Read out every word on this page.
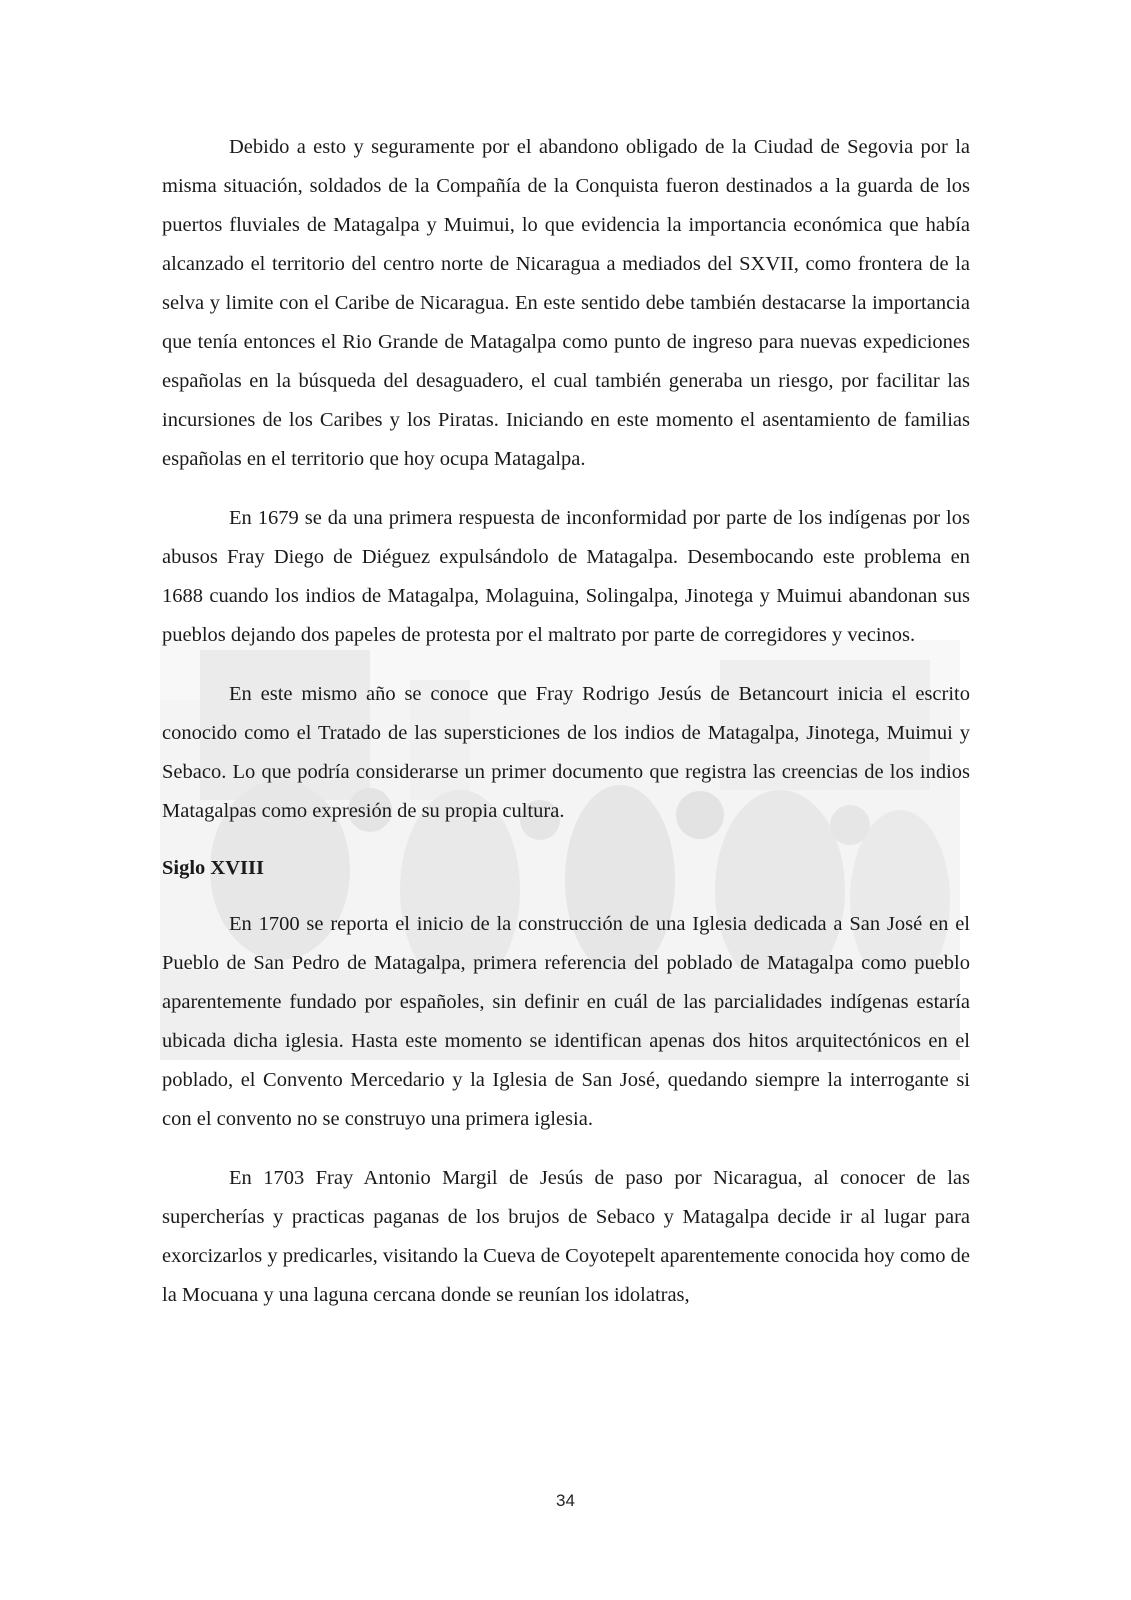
Debido a esto y seguramente por el abandono obligado de la Ciudad de Segovia por la misma situación, soldados de la Compañía de la Conquista fueron destinados a la guarda de los puertos fluviales de Matagalpa y Muimui, lo que evidencia la importancia económica que había alcanzado el territorio del centro norte de Nicaragua a mediados del SXVII, como frontera de la selva y limite con el Caribe de Nicaragua. En este sentido debe también destacarse la importancia que tenía entonces el Rio Grande de Matagalpa como punto de ingreso para nuevas expediciones españolas en la búsqueda del desaguadero, el cual también generaba un riesgo, por facilitar las incursiones de los Caribes y los Piratas. Iniciando en este momento el asentamiento de familias españolas en el territorio que hoy ocupa Matagalpa.

En 1679 se da una primera respuesta de inconformidad por parte de los indígenas por los abusos Fray Diego de Diéguez expulsándolo de Matagalpa. Desembocando este problema en 1688 cuando los indios de Matagalpa, Molaguina, Solingalpa, Jinotega y Muimui abandonan sus pueblos dejando dos papeles de protesta por el maltrato por parte de corregidores y vecinos.

En este mismo año se conoce que Fray Rodrigo Jesús de Betancourt inicia el escrito conocido como el Tratado de las supersticiones de los indios de Matagalpa, Jinotega, Muimui y Sebaco. Lo que podría considerarse un primer documento que registra las creencias de los indios Matagalpas como expresión de su propia cultura.

Siglo XVIII

En 1700 se reporta el inicio de la construcción de una Iglesia dedicada a San José en el Pueblo de San Pedro de Matagalpa, primera referencia del poblado de Matagalpa como pueblo aparentemente fundado por españoles, sin definir en cuál de las parcialidades indígenas estaría ubicada dicha iglesia. Hasta este momento se identifican apenas dos hitos arquitectónicos en el poblado, el Convento Mercedario y la Iglesia de San José, quedando siempre la interrogante si con el convento no se construyo una primera iglesia.

En 1703 Fray Antonio Margil de Jesús de paso por Nicaragua, al conocer de las supercherías y practicas paganas de los brujos de Sebaco y Matagalpa decide ir al lugar para exorcizarlos y predicarles, visitando la Cueva de Coyotepelt aparentemente conocida hoy como de la Mocuana y una laguna cercana donde se reunían los idolatras,

34
